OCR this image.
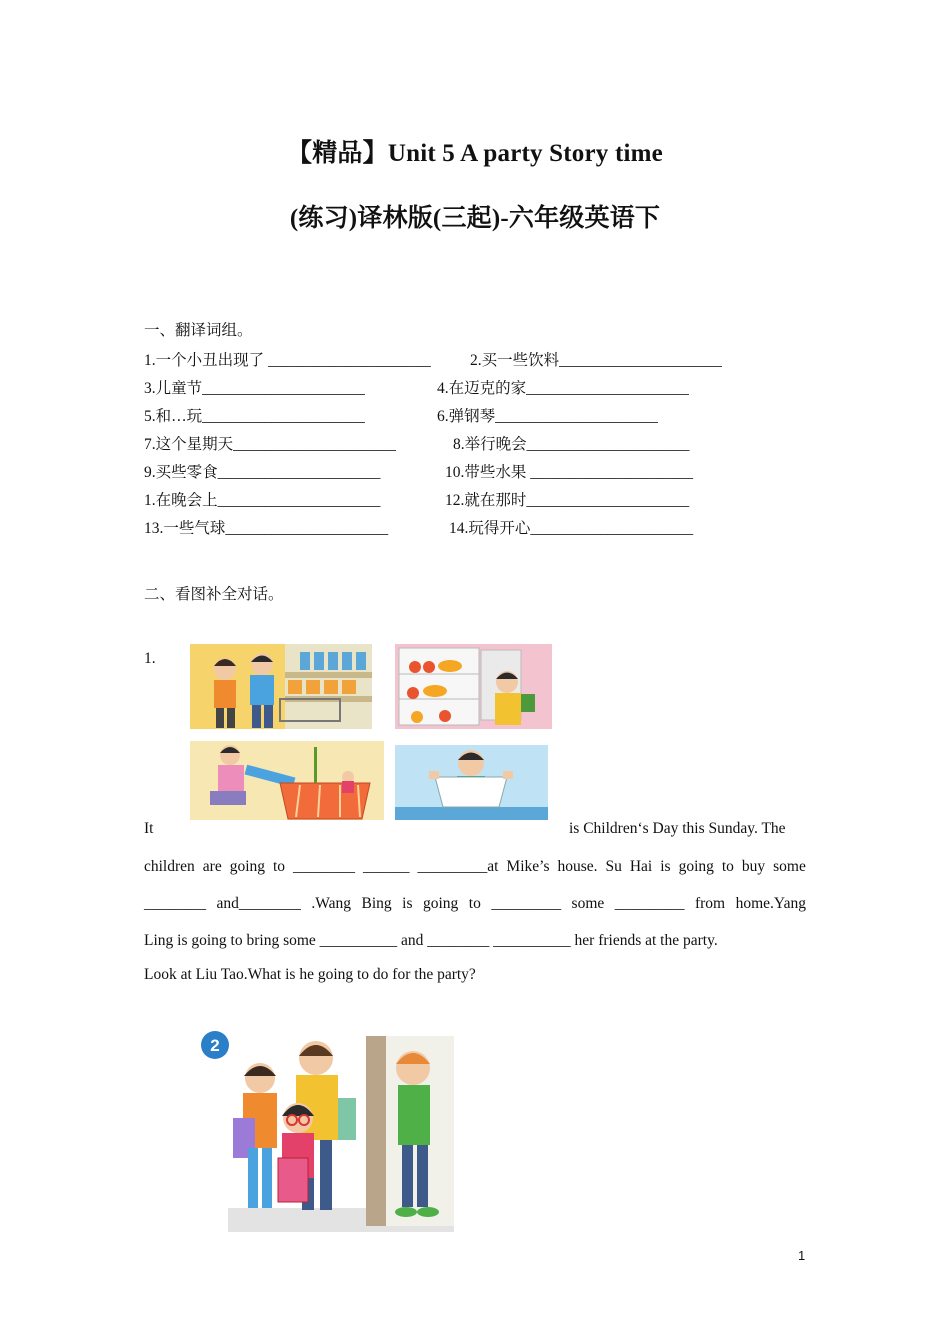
【精品】Unit 5 A party Story time
(练习)译林版(三起)-六年级英语下
一、翻译词组。
1.一个小丑出现了 _____________________	2.买一些饮料_____________________
3.儿童节_____________________	4.在迈克的家_____________________
5.和…玩_____________________	6.弹钢琴_____________________
7.这个星期天_____________________	8.举行晚会_____________________
9.买些零食_____________________	10.带些水果 _____________________
1.在晚会上_____________________	12.就在那时_____________________
13.一些气球_____________________	14.玩得开心_____________________
二、看图补全对话。
1.
It	is Children‘s Day this Sunday. The
children are going to ________ ______ _________at Mike’s house. Su Hai is going to buy some
________ and________ .Wang Bing is going to _________ some _________ from home.Yang
Ling is going to bring some __________ and ________ __________ her friends at the party.
Look at Liu Tao.What is he going to do for the party?
2
1
